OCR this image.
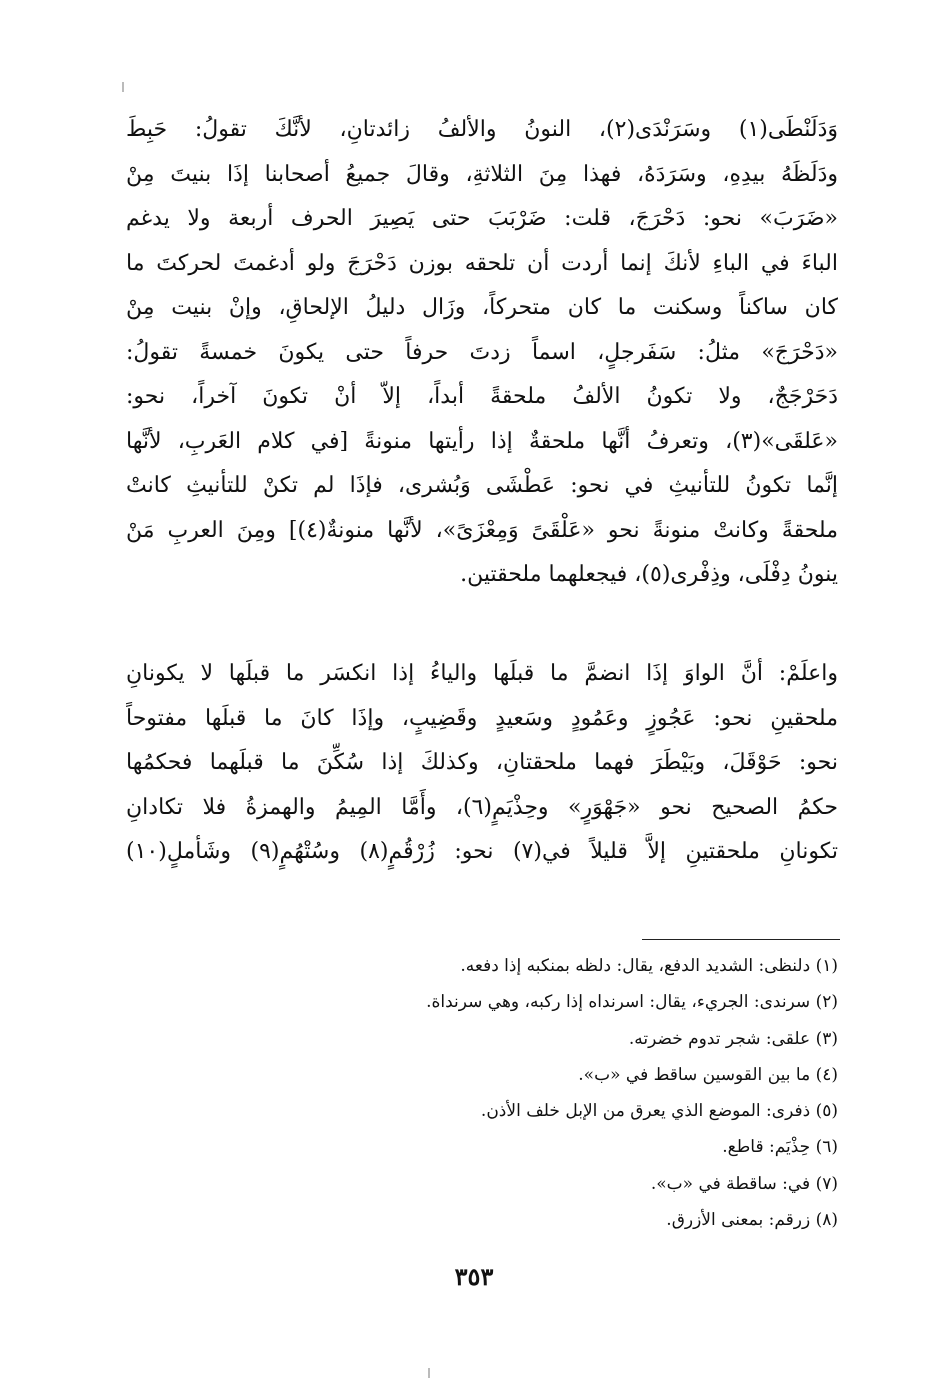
وَدَلَنْطَى(١) وسَرَنْدَى(٢)، النونُ والألفُ زائدتانِ، لأنَّكَ تقولُ: حَبِطَ
ودَلَظَهُ بيدِهِ، وسَرَدَهُ، فهذا مِنَ الثلاثةِ، وقالَ جميعُ أصحابنا إذَا بنيتَ مِنْ
«ضَرَبَ» نحو: دَحْرَجَ، قلت: ضَرْبَبَ حتى يَصِيرَ الحرف أربعة ولا يدغم
الباءَ في الباءِ لأنكَ إنما أردت أن تلحقه بوزن دَحْرَجَ ولو أدغمتَ لحركتَ ما
كان ساكناً وسكنت ما كان متحركاً، وزَال دليلُ الإلحاقِ، وإنْ بنيت مِنْ
«دَحْرَجَ» مثلُ: سَفَرجلٍ، اسماً زدتَ حرفاً حتى يكونَ خمسةً تقولُ:
دَحَرْجَجٌ، ولا تكونُ الألفُ ملحقةً أبداً، إلاّ أنْ تكونَ آخراً، نحو:
«عَلقَى»(٣)، وتعرفُ أنَّها ملحقةٌ إذا رأيتها منونةً [في كلام العَربِ، لأنَّها
إنَّما تكونُ للتأنيثِ في نحو: عَطْشَى وَبُشرى، فإذَا لم تكنْ للتأنيثِ كانتْ
ملحقةً وكانتْ منونةً نحو «عَلْقَىً وَمِعْزَىً»، لأنَّها منونةٌ(٤)] ومِنَ العربِ مَنْ
ينونُ دِفْلَى، وذِفْرى(٥)، فيجعلهما ملحقتين.
واعلَمْ: أنَّ الواوَ إذَا انضمَّ ما قبلَها والياءُ إذا انكسَر ما قبلَها لا يكونانِ
ملحقينِ نحو: عَجُوزٍ وعَمُودٍ وسَعيدٍ وقَضِيبٍ، وإذَا كانَ ما قبلَها مفتوحاً
نحو: حَوْقَلَ، وبَيْطَرَ فهما ملحقتانِ، وكذلكَ إذا سُكِّنَ ما قبلَهما فحكمُها
حكمُ الصحيح نحو «جَهْوَرٍ» وحِذْيَمٍ(٦)، وأَمَّا المِيمُ والهمزةُ فلا تكادانِ
تكونانِ ملحقتينِ إلاَّ قليلاً في(٧) نحو: زُرْقُمٍ(٨) وسُتْهُمٍ(٩) وشَأملٍ(١٠)
(١) دلنظى: الشديد الدفع، يقال: دلظه بمنكبه إذا دفعه.
(٢) سرندى: الجريء، يقال: اسرنداه إذا ركبه، وهي سرنداة.
(٣) علقى: شجر تدوم خضرته.
(٤) ما بين القوسين ساقط في «ب».
(٥) ذفرى: الموضع الذي يعرق من الإبل خلف الأذن.
(٦) حِذْيَم: قاطع.
(٧) في: ساقطة في «ب».
(٨) زرقم: بمعنى الأزرق.
٣٥٣
